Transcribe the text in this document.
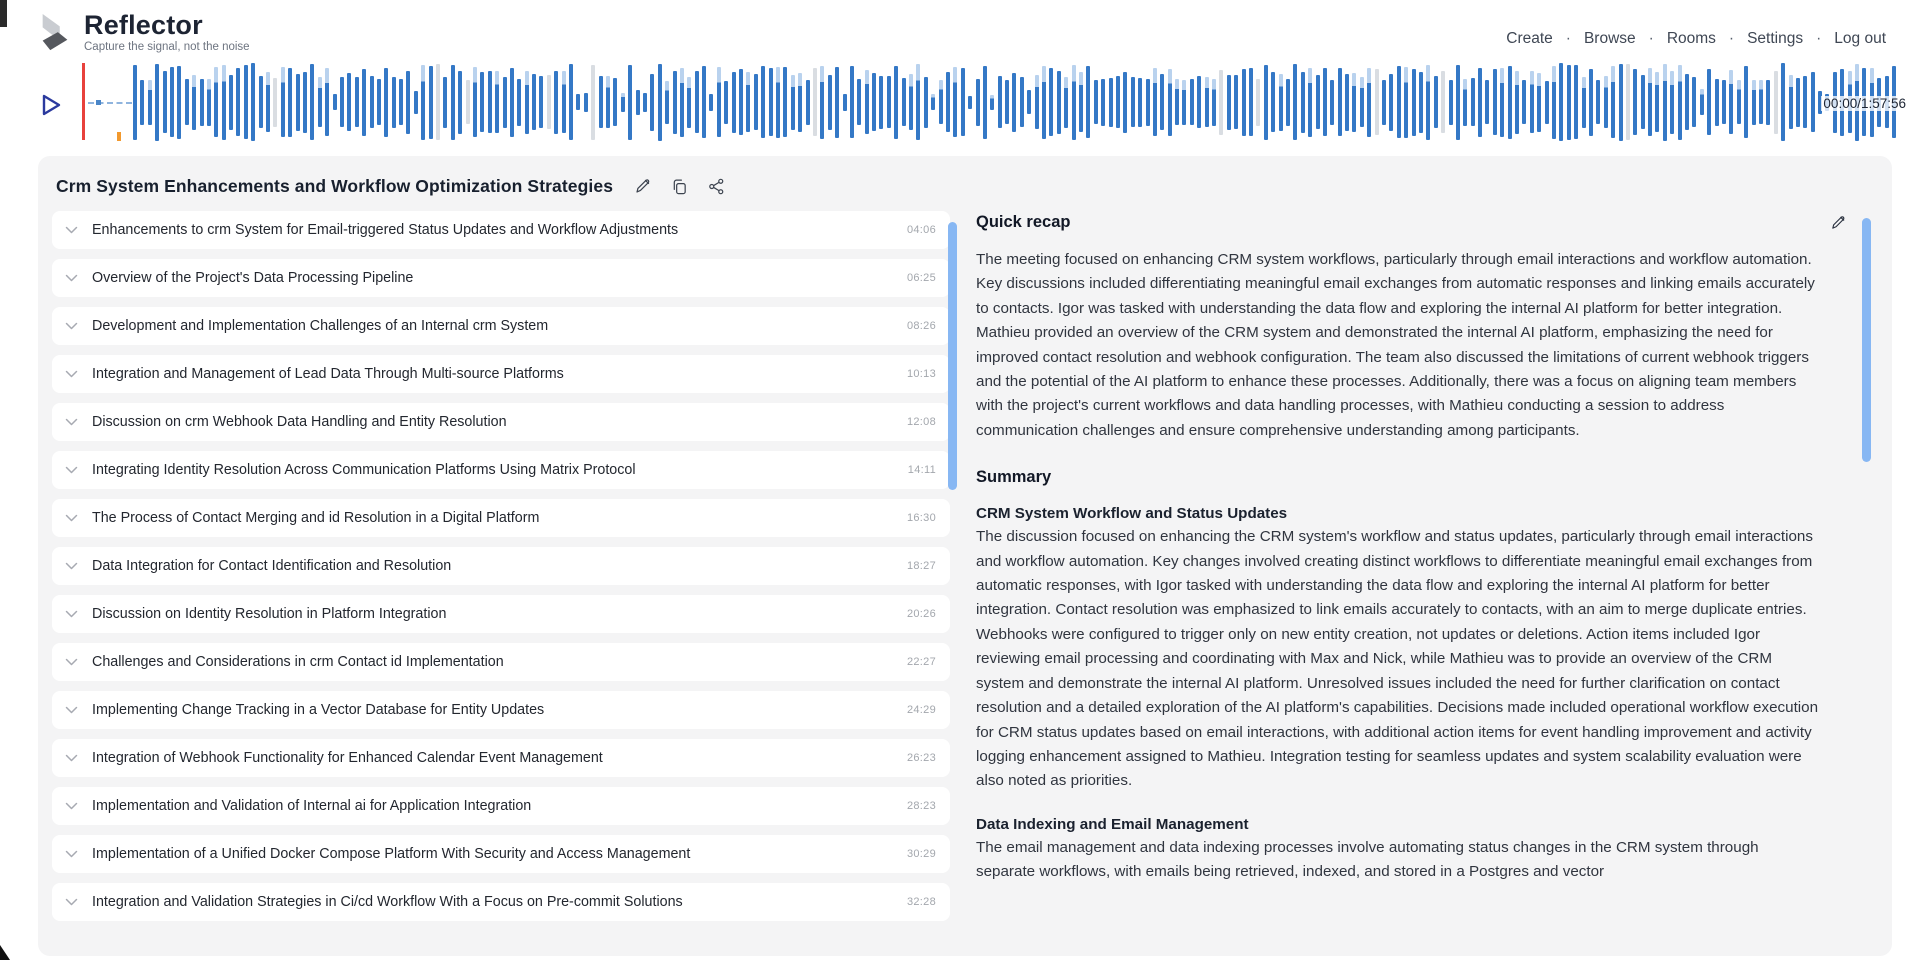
Reflector
Capture the signal, not the noise	Create · Browse · Rooms · Settings · Log out
00:00/1:57:56
Crm System Enhancements and Workflow Optimization Strategies
Enhancements to crm System for Email-triggered Status Updates and Workflow Adjustments	04:06
Overview of the Project's Data Processing Pipeline	06:25
Development and Implementation Challenges of an Internal crm System	08:26
Integration and Management of Lead Data Through Multi-source Platforms	10:13
Discussion on crm Webhook Data Handling and Entity Resolution	12:08
Integrating Identity Resolution Across Communication Platforms Using Matrix Protocol	14:11
The Process of Contact Merging and id Resolution in a Digital Platform	16:30
Data Integration for Contact Identification and Resolution	18:27
Discussion on Identity Resolution in Platform Integration	20:26
Challenges and Considerations in crm Contact id Implementation	22:27
Implementing Change Tracking in a Vector Database for Entity Updates	24:29
Integration of Webhook Functionality for Enhanced Calendar Event Management	26:23
Implementation and Validation of Internal ai for Application Integration	28:23
Implementation of a Unified Docker Compose Platform With Security and Access Management	30:29
Integration and Validation Strategies in Ci/cd Workflow With a Focus on Pre-commit Solutions	32:28
Quick recap

The meeting focused on enhancing CRM system workflows, particularly through email interactions and workflow automation. Key discussions included differentiating meaningful email exchanges from automatic responses and linking emails accurately to contacts. Igor was tasked with understanding the data flow and exploring the internal AI platform for better integration. Mathieu provided an overview of the CRM system and demonstrated the internal AI platform, emphasizing the need for improved contact resolution and webhook configuration. The team also discussed the limitations of current webhook triggers and the potential of the AI platform to enhance these processes. Additionally, there was a focus on aligning team members with the project's current workflows and data handling processes, with Mathieu conducting a session to address communication challenges and ensure comprehensive understanding among participants.

Summary
CRM System Workflow and Status Updates

The discussion focused on enhancing the CRM system's workflow and status updates, particularly through email interactions and workflow automation. Key changes involved creating distinct workflows to differentiate meaningful email exchanges from automatic responses, with Igor tasked with understanding the data flow and exploring the internal AI platform for better integration. Contact resolution was emphasized to link emails accurately to contacts, with an aim to merge duplicate entries. Webhooks were configured to trigger only on new entity creation, not updates or deletions. Action items included Igor reviewing email processing and coordinating with Max and Nick, while Mathieu was to provide an overview of the CRM system and demonstrate the internal AI platform. Unresolved issues included the need for further clarification on contact resolution and a detailed exploration of the AI platform's capabilities. Decisions made included operational workflow execution for CRM status updates based on email interactions, with additional action items for event handling improvement and activity logging enhancement assigned to Mathieu. Integration testing for seamless updates and system scalability evaluation were also noted as priorities.

Data Indexing and Email Management

The email management and data indexing processes involve automating status changes in the CRM system through separate workflows, with emails being retrieved, indexed, and stored in a Postgres and vector
